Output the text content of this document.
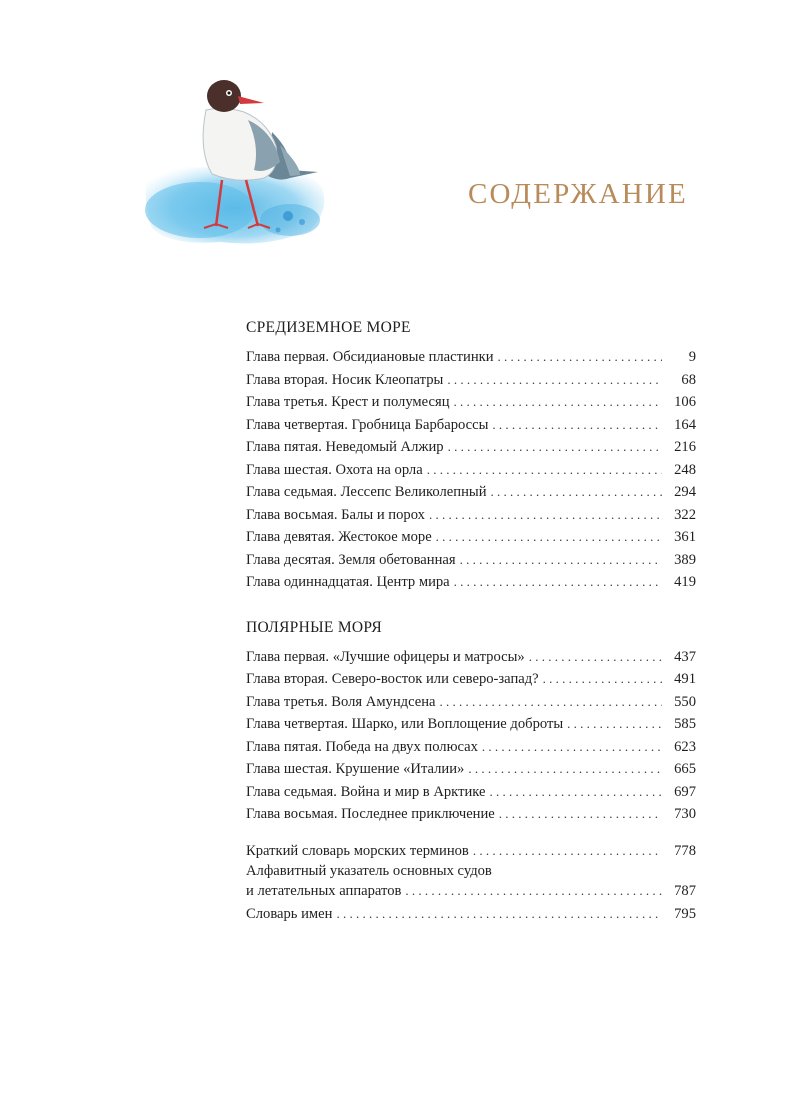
СОДЕРЖАНИЕ
СРЕДИЗЕМНОЕ МОРЕ
Глава первая. Обсидиановые пластинки . . .	9
Глава вторая. Носик Клеопатры . . .	68
Глава третья. Крест и полумесяц . . .	106
Глава четвертая. Гробница Барбароссы . . .	164
Глава пятая. Неведомый Алжир . . .	216
Глава шестая. Охота на орла . . .	248
Глава седьмая. Лессепс Великолепный . . .	294
Глава восьмая. Балы и порох . . .	322
Глава девятая. Жестокое море . . .	361
Глава десятая. Земля обетованная . . .	389
Глава одиннадцатая. Центр мира . . .	419
ПОЛЯРНЫЕ МОРЯ
Глава первая. «Лучшие офицеры и матросы» . . .	437
Глава вторая. Северо-восток или северо-запад? . . .	491
Глава третья. Воля Амундсена . . .	550
Глава четвертая. Шарко, или Воплощение доброты . . .	585
Глава пятая. Победа на двух полюсах . . .	623
Глава шестая. Крушение «Италии» . . .	665
Глава седьмая. Война и мир в Арктике . . .	697
Глава восьмая. Последнее приключение . . .	730
Краткий словарь морских терминов . . .	778
Алфавитный указатель основных судов
и летательных аппаратов . . .	787
Словарь имен . . .	795
